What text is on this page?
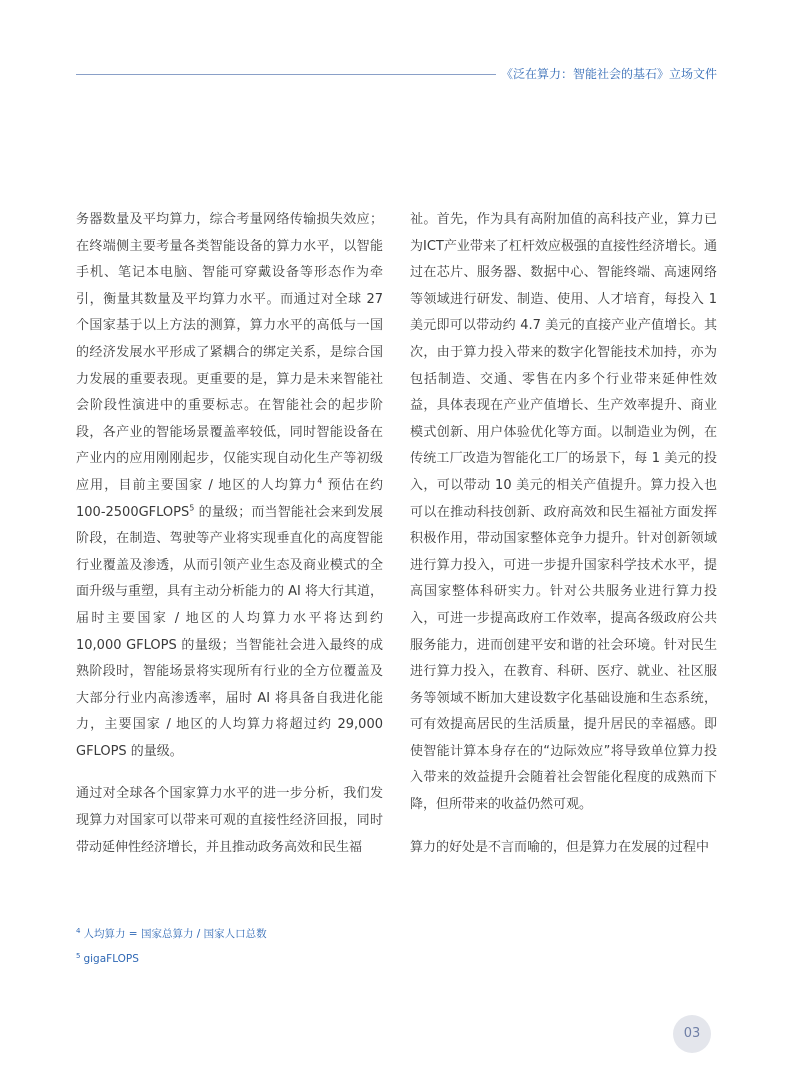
《泛在算力：智能社会的基石》立场文件

务器数量及平均算力，综合考量网络传输损失效应；在终端侧主要考量各类智能设备的算力水平，以智能手机、笔记本电脑、智能可穿戴设备等形态作为牵引，衡量其数量及平均算力水平。而通过对全球 27 个国家基于以上方法的测算，算力水平的高低与一国的经济发展水平形成了紧耦合的绑定关系，是综合国力发展的重要表现。更重要的是，算力是未来智能社会阶段性演进中的重要标志。在智能社会的起步阶段，各产业的智能场景覆盖率较低，同时智能设备在产业内的应用刚刚起步，仅能实现自动化生产等初级应用，目前主要国家 / 地区的人均算力$^4$ 预估在约 100-2500GFLOPS$^5$ 的量级；而当智能社会来到发展阶段，在制造、驾驶等产业将实现垂直化的高度智能行业覆盖及渗透，从而引领产业生态及商业模式的全面升级与重塑，具有主动分析能力的 AI 将大行其道，届时主要国家 / 地区的人均算力水平将达到约 10,000 GFLOPS 的量级；当智能社会进入最终的成熟阶段时，智能场景将实现所有行业的全方位覆盖及大部分行业内高渗透率，届时 AI 将具备自我进化能力，主要国家 / 地区的人均算力将超过约 29,000 GFLOPS 的量级。

通过对全球各个国家算力水平的进一步分析，我们发现算力对国家可以带来可观的直接性经济回报，同时带动延伸性经济增长，并且推动政务高效和民生福

祉。首先，作为具有高附加值的高科技产业，算力已为ICT产业带来了杠杆效应极强的直接性经济增长。通过在芯片、服务器、数据中心、智能终端、高速网络等领域进行研发、制造、使用、人才培育，每投入 1 美元即可以带动约 4.7 美元的直接产业产值增长。其次，由于算力投入带来的数字化智能技术加持，亦为包括制造、交通、零售在内多个行业带来延伸性效益，具体表现在产业产值增长、生产效率提升、商业模式创新、用户体验优化等方面。以制造业为例，在传统工厂改造为智能化工厂的场景下，每 1 美元的投入，可以带动 10 美元的相关产值提升。算力投入也可以在推动科技创新、政府高效和民生福祉方面发挥积极作用，带动国家整体竞争力提升。针对创新领域进行算力投入，可进一步提升国家科学技术水平，提高国家整体科研实力。针对公共服务业进行算力投入，可进一步提高政府工作效率，提高各级政府公共服务能力，进而创建平安和谐的社会环境。针对民生进行算力投入，在教育、科研、医疗、就业、社区服务等领域不断加大建设数字化基础设施和生态系统，可有效提高居民的生活质量，提升居民的幸福感。即使智能计算本身存在的“边际效应”将导致单位算力投入带来的效益提升会随着社会智能化程度的成熟而下降，但所带来的收益仍然可观。

算力的好处是不言而喻的，但是算力在发展的过程中

$^4$ 人均算力 = 国家总算力 / 国家人口总数
$^5$ gigaFLOPS
03
